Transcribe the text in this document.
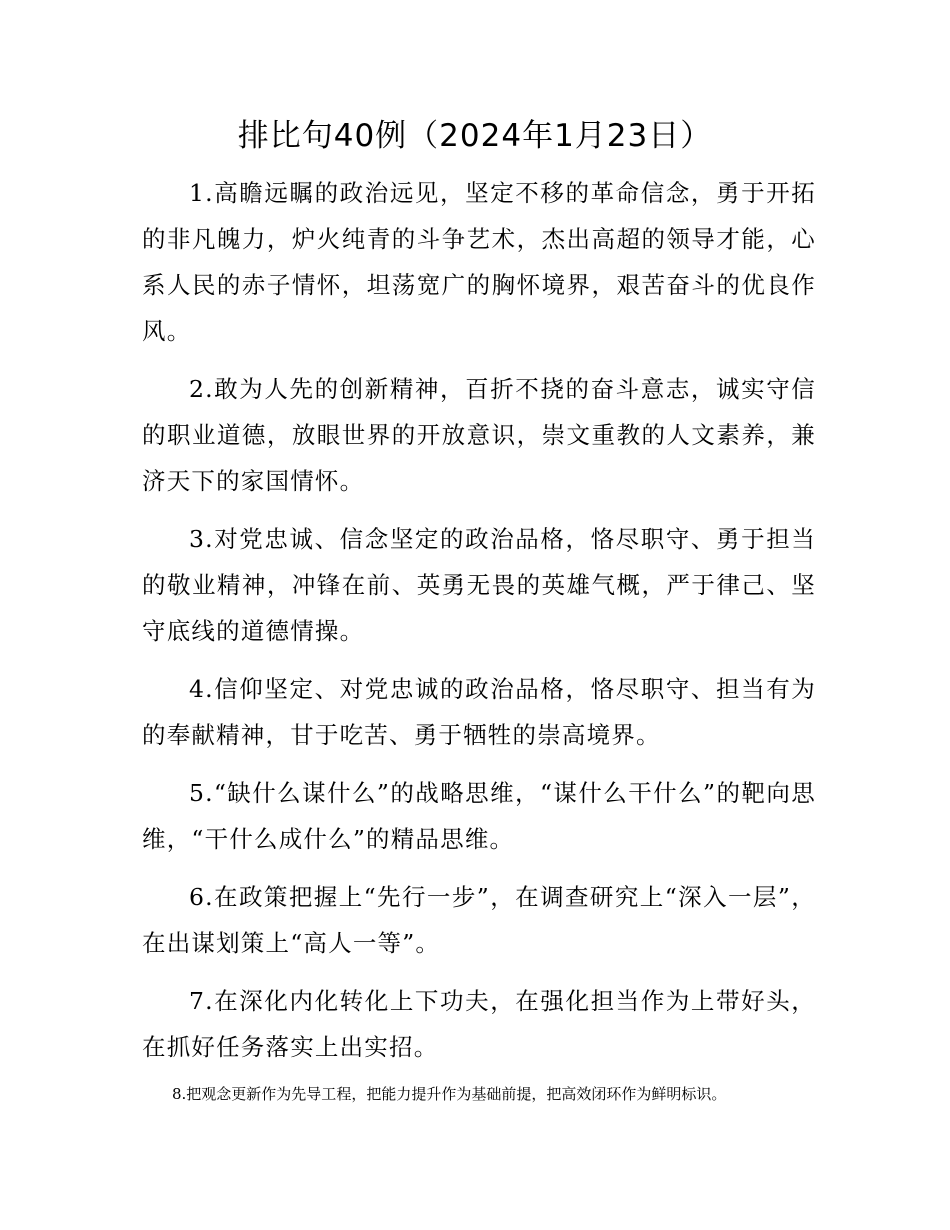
排比句40例（2024年1月23日）

1.高瞻远瞩的政治远见，坚定不移的革命信念，勇于开拓的非凡魄力，炉火纯青的斗争艺术，杰出高超的领导才能，心系人民的赤子情怀，坦荡宽广的胸怀境界，艰苦奋斗的优良作风。

2.敢为人先的创新精神，百折不挠的奋斗意志，诚实守信的职业道德，放眼世界的开放意识，崇文重教的人文素养，兼济天下的家国情怀。

3.对党忠诚、信念坚定的政治品格，恪尽职守、勇于担当的敬业精神，冲锋在前、英勇无畏的英雄气概，严于律己、坚守底线的道德情操。

4.信仰坚定、对党忠诚的政治品格，恪尽职守、担当有为的奉献精神，甘于吃苦、勇于牺牲的崇高境界。

5.“缺什么谋什么”的战略思维，“谋什么干什么”的靶向思维，“干什么成什么”的精品思维。

6.在政策把握上“先行一步”，在调查研究上“深入一层”，在出谋划策上“高人一等”。

7.在深化内化转化上下功夫，在强化担当作为上带好头，在抓好任务落实上出实招。

8.把观念更新作为先导工程，把能力提升作为基础前提，把高效闭环作为鲜明标识。
